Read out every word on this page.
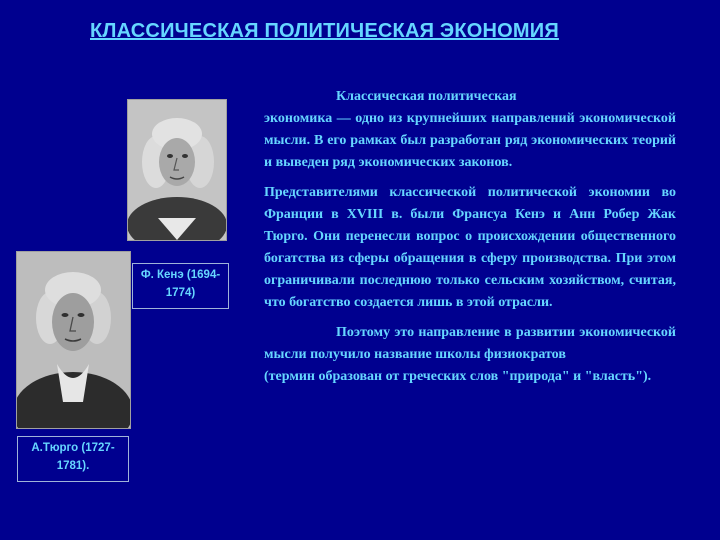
КЛАССИЧЕСКАЯ ПОЛИТИЧЕСКАЯ ЭКОНОМИЯ
Ф. Кенэ (1694-1774)
А.Тюрго (1727-1781).

Классическая политическая
экономика — одно из крупнейших направлений экономической мысли. В его рамках был разработан ряд экономических теорий и выведен ряд экономических законов.

Представителями классической политической экономии во Франции в XVIII в. были Франсуа Кенэ и Анн Робер Жак Тюрго. Они перенесли вопрос о происхождении общественного богатства из сферы обращения в сферу производства. При этом ограничивали последнюю только сельским хозяйством, считая, что богатство создается лишь в этой отрасли.

Поэтому это направление в развитии экономической мысли получило название школы физиократов
(термин образован от греческих слов "природа" и "власть").
